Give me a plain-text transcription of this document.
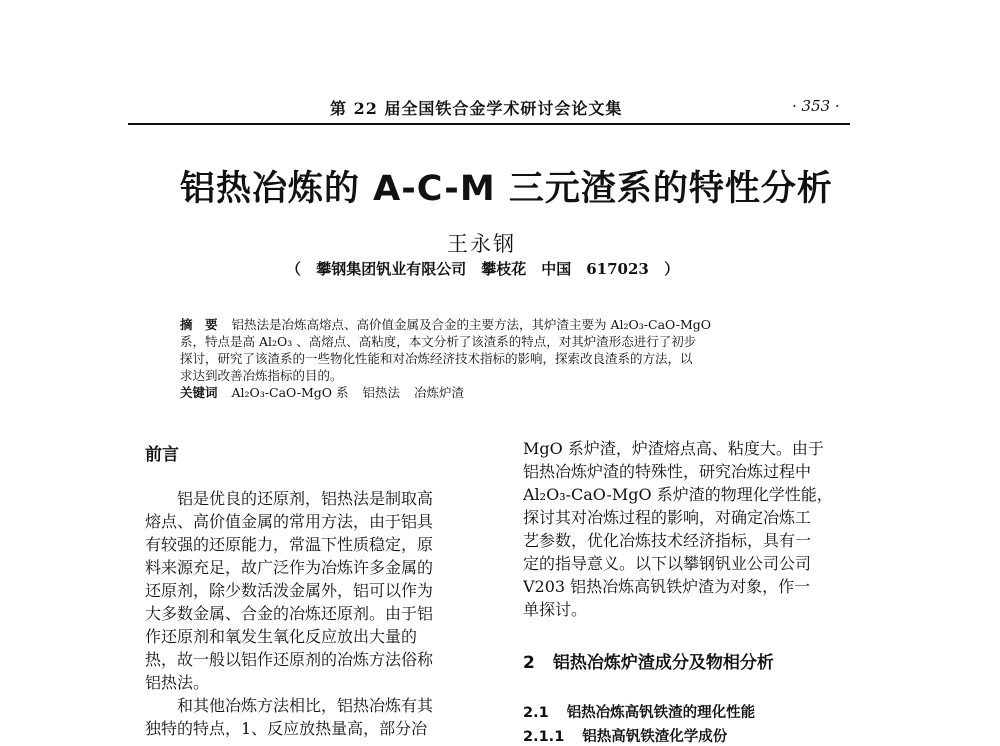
第 22 届全国铁合金学术研讨会论文集	· 353 ·
铝热冶炼的 A-C-M 三元渣系的特性分析
王永钢
（ 攀钢集团钒业有限公司　攀枝花　中国　617023 ）

摘　要 铝热法是冶炼高熔点、高价值金属及合金的主要方法，其炉渣主要为 Al₂O₃-CaO-MgO

系，特点是高 Al₂O₃ 、高熔点、高粘度，本文分析了该渣系的特点，对其炉渣形态进行了初步

探讨，研究了该渣系的一些物化性能和对冶炼经济技术指标的影响，探索改良渣系的方法，以

求达到改善冶炼指标的目的。

关键词 Al₂O₃-CaO-MgO 系 铝热法 冶炼炉渣

前言

　　铝是优良的还原剂，铝热法是制取高

熔点、高价值金属的常用方法，由于铝具

有较强的还原能力，常温下性质稳定，原

料来源充足，故广泛作为冶炼许多金属的

还原剂，除少数活泼金属外，铝可以作为

大多数金属、合金的冶炼还原剂。由于铝

作还原剂和氧发生氧化反应放出大量的

热，故一般以铝作还原剂的冶炼方法俗称

铝热法。

　　和其他冶炼方法相比，铝热冶炼有其

独特的特点，1、反应放热量高，部分冶

MgO 系炉渣，炉渣熔点高、粘度大。由于

铝热冶炼炉渣的特殊性，研究冶炼过程中

Al₂O₃-CaO-MgO 系炉渣的物理化学性能，

探讨其对冶炼过程的影响，对确定冶炼工

艺参数，优化冶炼技术经济指标，具有一

定的指导意义。以下以攀钢钒业公司公司

V203 铝热冶炼高钒铁炉渣为对象，作一

单探讨。

2 铝热冶炼炉渣成分及物相分析
2.1 铝热冶炼高钒铁渣的理化性能
2.1.1 铝热高钒铁渣化学成份
